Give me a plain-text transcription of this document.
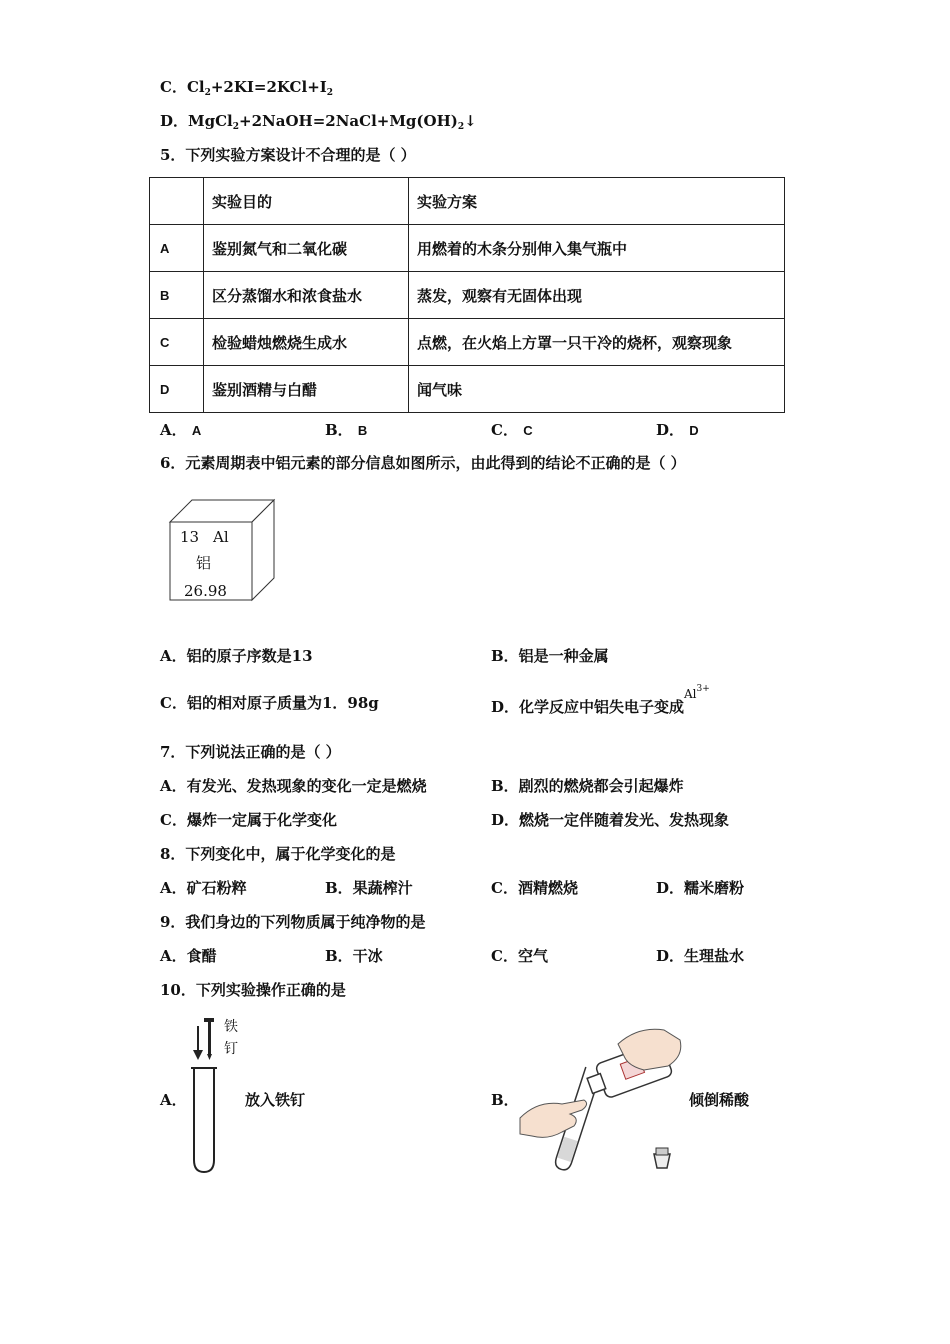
C．$Cl_2+2KI=2KCl+I_2$
D．$MgCl_2+2NaOH=2NaCl+Mg(OH)_2↓$
5．下列实验方案设计不合理的是（ ）
	实验目的	实验方案
A	鉴别氮气和二氧化碳	用燃着的木条分别伸入集气瓶中
B	区分蒸馏水和浓食盐水	蒸发，观察有无固体出现
C	检验蜡烛燃烧生成水	点燃，在火焰上方罩一只干冷的烧杯，观察现象
D	鉴别酒精与白醋	闻气味
A． A	B． B	C． C	D． D
6．元素周期表中铝元素的部分信息如图所示，由此得到的结论不正确的是（ ）
13 Al
铝
26.98
A．铝的原子序数是13	B．铝是一种金属
C．铝的相对原子质量为1．98g	D．化学反应中铝失电子变成$^{Al^{3+}}$
7．下列说法正确的是（ ）
A．有发光、发热现象的变化一定是燃烧	B．剧烈的燃烧都会引起爆炸
C．爆炸一定属于化学变化	D．燃烧一定伴随着发光、发热现象
8．下列变化中，属于化学变化的是
A．矿石粉粹	B．果蔬榨汁	C．酒精燃烧	D．糯米磨粉
9．我们身边的下列物质属于纯净物的是
A．食醋	B．干冰	C．空气	D．生理盐水
10．下列实验操作正确的是
铁
钉
A．	放入铁钉	B．	倾倒稀酸
